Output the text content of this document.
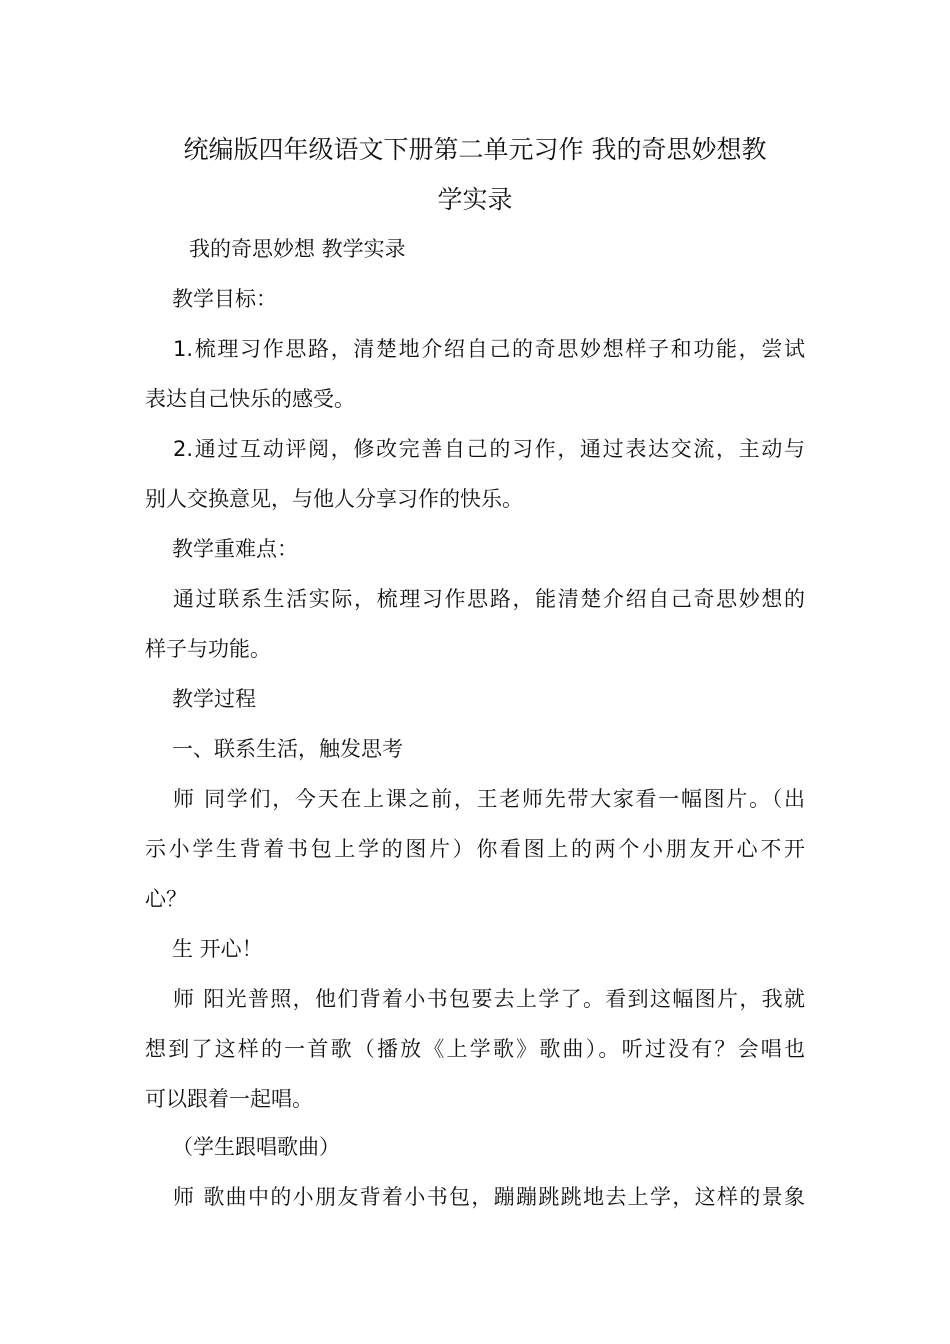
统编版四年级语文下册第二单元习作 我的奇思妙想教
学实录
我的奇思妙想 教学实录
教学目标：
1.梳理习作思路，清楚地介绍自己的奇思妙想样子和功能，尝试
表达自己快乐的感受。
2.通过互动评阅，修改完善自己的习作，通过表达交流，主动与
别人交换意见，与他人分享习作的快乐。
教学重难点：
通过联系生活实际，梳理习作思路，能清楚介绍自己奇思妙想的
样子与功能。
教学过程
一、联系生活，触发思考
师 同学们，今天在上课之前，王老师先带大家看一幅图片。（出
示小学生背着书包上学的图片）你看图上的两个小朋友开心不开
心？
生 开心！
师 阳光普照，他们背着小书包要去上学了。看到这幅图片，我就
想到了这样的一首歌（播放《上学歌》歌曲）。听过没有？会唱也
可以跟着一起唱。
（学生跟唱歌曲）
师 歌曲中的小朋友背着小书包，蹦蹦跳跳地去上学，这样的景象
